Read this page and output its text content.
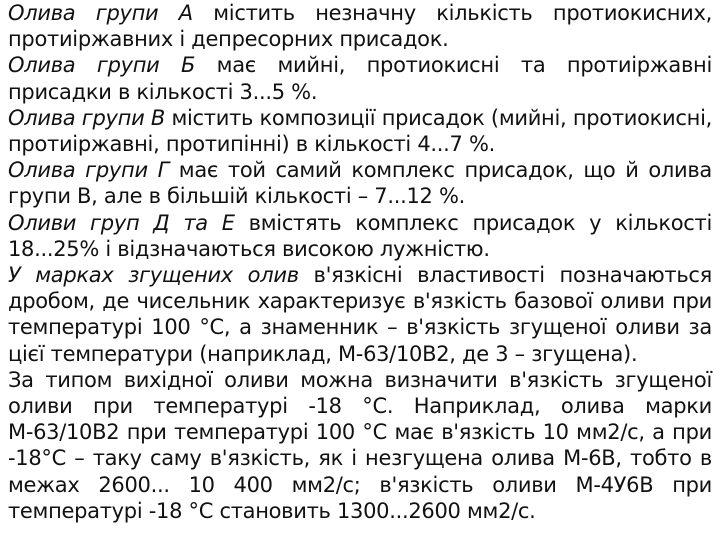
Олива групи А містить незначну кількість протиокисних, протиіржавних і депресорних присадок.

Олива групи Б має мийні, протиокисні та протиіржавні присадки в кількості 3...5 %.

Олива групи В містить композиції присадок (мийні, протиокисні, протиіржавні, протипінні) в кількості 4...7 %.

Олива групи Г має той самий комплекс присадок, що й олива групи В, але в більшій кількості – 7...12 %.

Оливи груп Д та Е вмістять комплекс присадок у кількості 18...25% і відзначаються високою лужністю.

У марках згущених олив в'язкісні властивості позначаються дробом, де чисельник характеризує в'язкість базової оливи при температурі 100 °С, а знаменник – в'язкість згущеної оливи за цієї температури (наприклад, М-63/10В2, де 3 – згущена).

За типом вихідної оливи можна визначити в'язкість згущеної оливи при температурі -18 °С. Наприклад, олива марки М-63/10В2 при температурі 100 °С має в'язкість 10 мм2/с, а при -18°С – таку саму в'язкість, як і незгущена олива М-6В, тобто в межах 2600... 10 400 мм2/с; в'язкість оливи М-4У6В при температурі -18 °С становить 1300...2600 мм2/с.
